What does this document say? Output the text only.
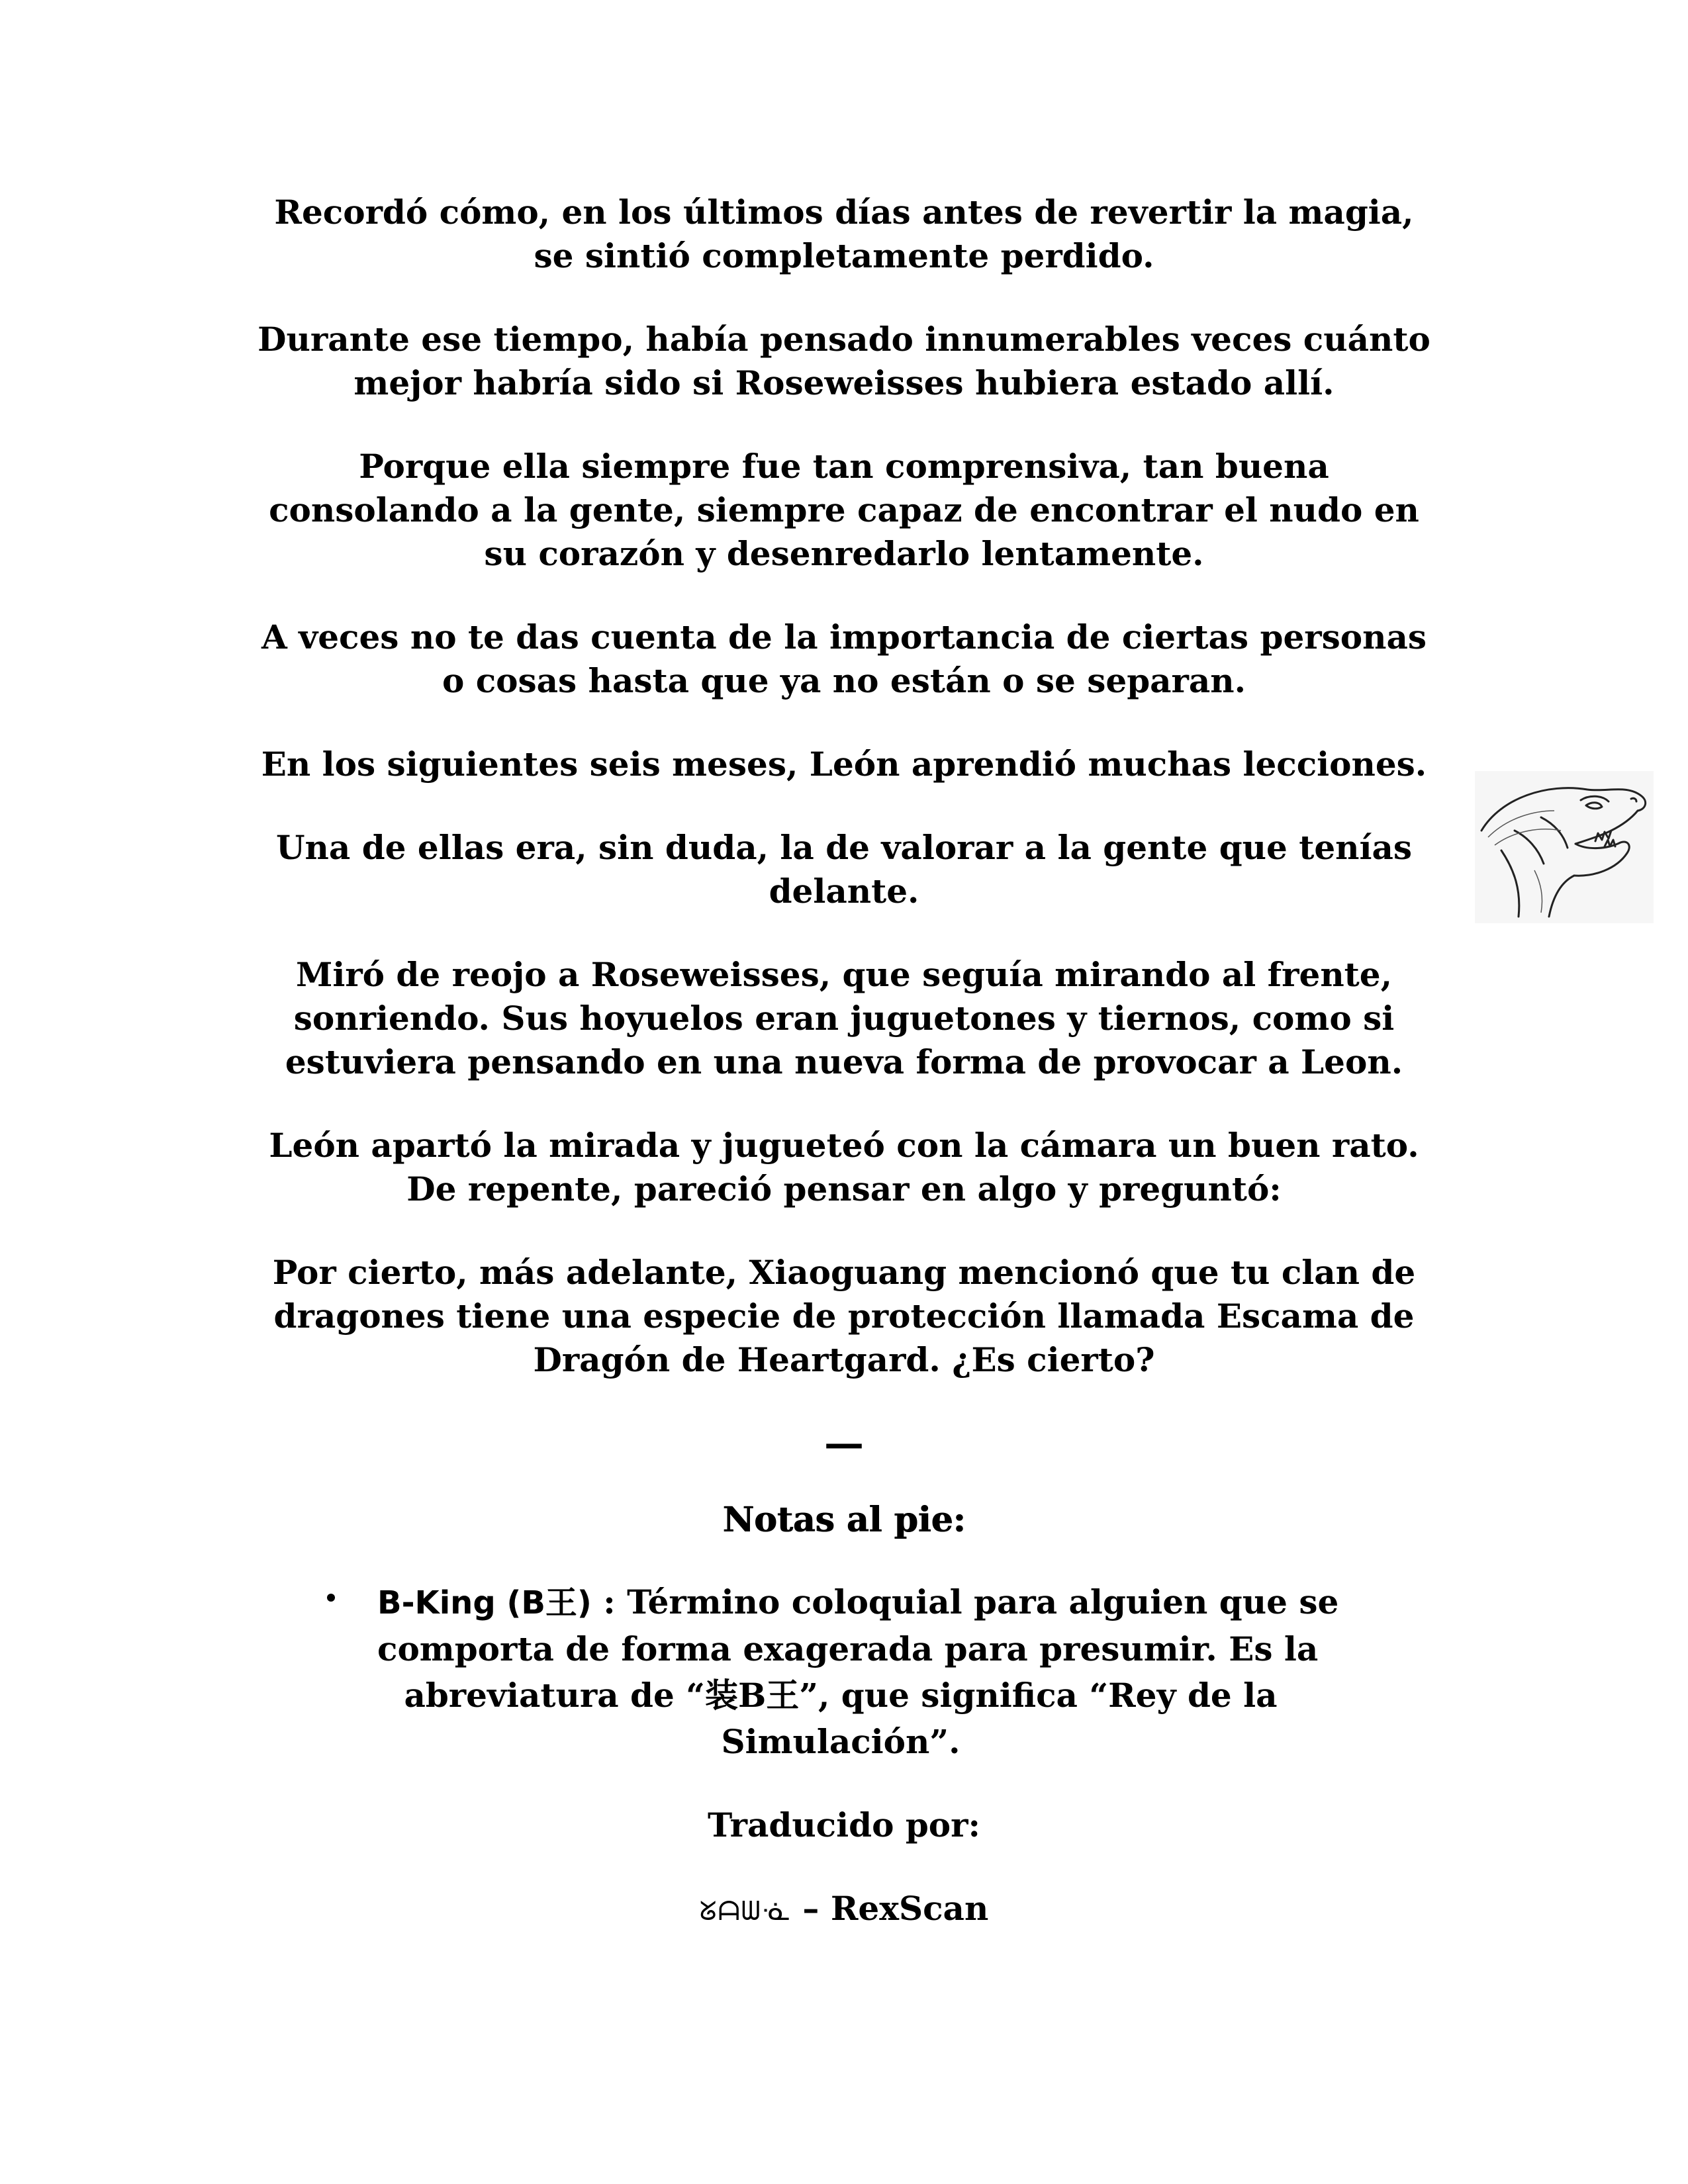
Recordó cómo, en los últimos días antes de revertir la magia,
se sintió completamente perdido.

Durante ese tiempo, había pensado innumerables veces cuánto
mejor habría sido si Roseweisses hubiera estado allí.

Porque ella siempre fue tan comprensiva, tan buena
consolando a la gente, siempre capaz de encontrar el nudo en
su corazón y desenredarlo lentamente.

A veces no te das cuenta de la importancia de ciertas personas
o cosas hasta que ya no están o se separan.

En los siguientes seis meses, León aprendió muchas lecciones.

Una de ellas era, sin duda, la de valorar a la gente que tenías
delante.

Miró de reojo a Roseweisses, que seguía mirando al frente,
sonriendo. Sus hoyuelos eran juguetones y tiernos, como si
estuviera pensando en una nueva forma de provocar a Leon.

León apartó la mirada y jugueteó con la cámara un buen rato.
De repente, pareció pensar en algo y preguntó:

Por cierto, más adelante, Xiaoguang mencionó que tu clan de
dragones tiene una especie de protección llamada Escama de
Dragón de Heartgard. ¿Es cierto?

—
Notas al pie:
B-King (B王) : Término coloquial para alguien que se
comporta de forma exagerada para presumir. Es la
abreviatura de “装B王”, que significa “Rey de la
Simulación”.
Traducido por:
ᘜᗩᗯᓍ – RexScan
